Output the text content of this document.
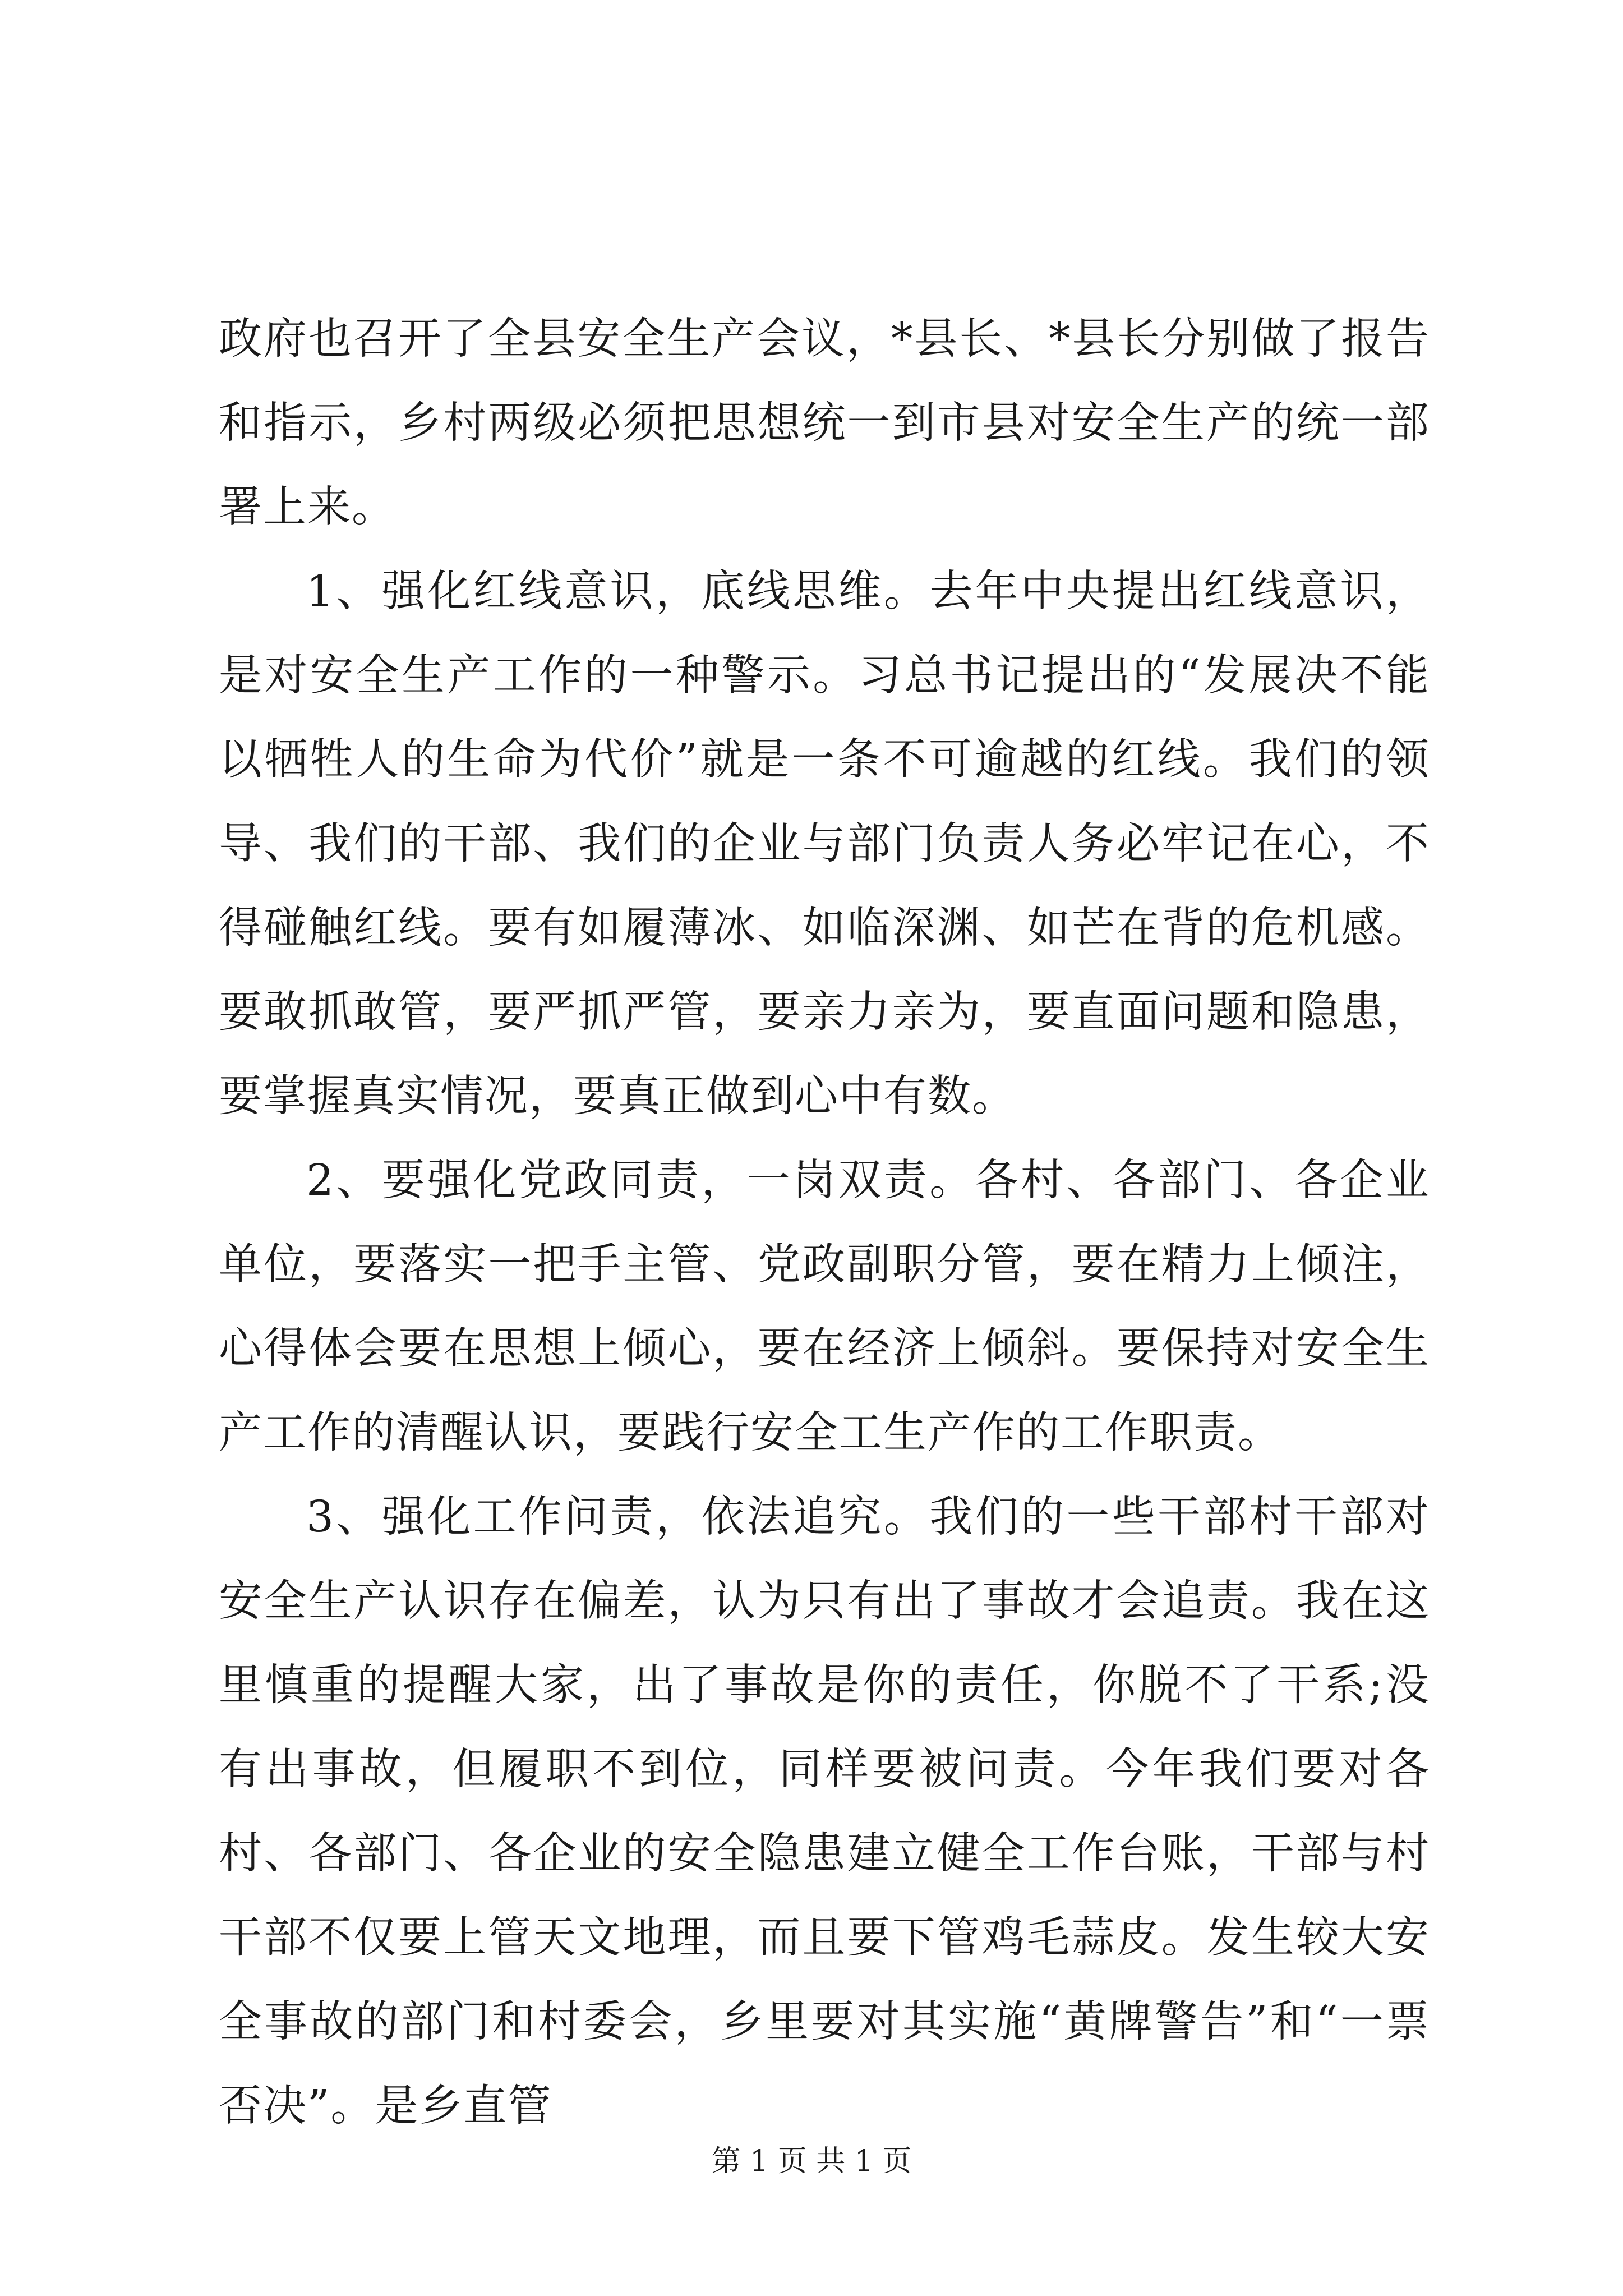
政府也召开了全县安全生产会议，*县长、*县长分别做了报告和指示，乡村两级必须把思想统一到市县对安全生产的统一部署上来。

1、强化红线意识，底线思维。去年中央提出红线意识，是对安全生产工作的一种警示。习总书记提出的“发展决不能以牺牲人的生命为代价”就是一条不可逾越的红线。我们的领导、我们的干部、我们的企业与部门负责人务必牢记在心，不得碰触红线。要有如履薄冰、如临深渊、如芒在背的危机感。要敢抓敢管，要严抓严管，要亲力亲为，要直面问题和隐患，要掌握真实情况，要真正做到心中有数。

2、要强化党政同责，一岗双责。各村、各部门、各企业单位，要落实一把手主管、党政副职分管，要在精力上倾注，心得体会要在思想上倾心，要在经济上倾斜。要保持对安全生产工作的清醒认识，要践行安全工生产作的工作职责。

3、强化工作问责，依法追究。我们的一些干部村干部对安全生产认识存在偏差，认为只有出了事故才会追责。我在这里慎重的提醒大家，出了事故是你的责任，你脱不了干系;没有出事故，但履职不到位，同样要被问责。今年我们要对各村、各部门、各企业的安全隐患建立健全工作台账，干部与村干部不仅要上管天文地理，而且要下管鸡毛蒜皮。发生较大安全事故的部门和村委会，乡里要对其实施“黄牌警告”和“一票否决”。是乡直管

第 1 页 共 1 页
